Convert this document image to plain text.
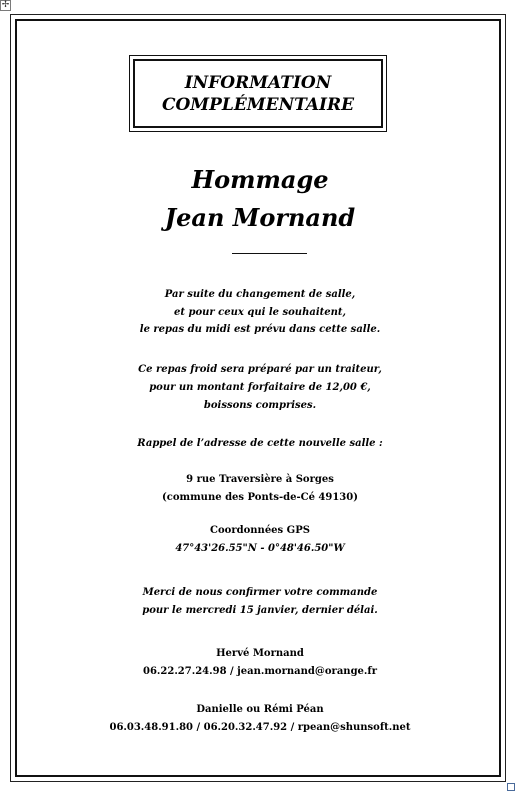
✢
INFORMATION
COMPLÉMENTAIRE
Hommage
Jean Mornand
Par suite du changement de salle,
et pour ceux qui le souhaitent,
le repas du midi est prévu dans cette salle.
Ce repas froid sera préparé par un traiteur,
pour un montant forfaitaire de 12,00 €,
boissons comprises.
Rappel de l’adresse de cette nouvelle salle :
9 rue Traversière à Sorges
(commune des Ponts-de-Cé 49130)
Coordonnées GPS
47°43'26.55"N - 0°48'46.50"W
Merci de nous confirmer votre commande
pour le mercredi 15 janvier, dernier délai.
Hervé Mornand
06.22.27.24.98 / jean.mornand@orange.fr
Danielle ou Rémi Péan
06.03.48.91.80 / 06.20.32.47.92 / rpean@shunsoft.net
